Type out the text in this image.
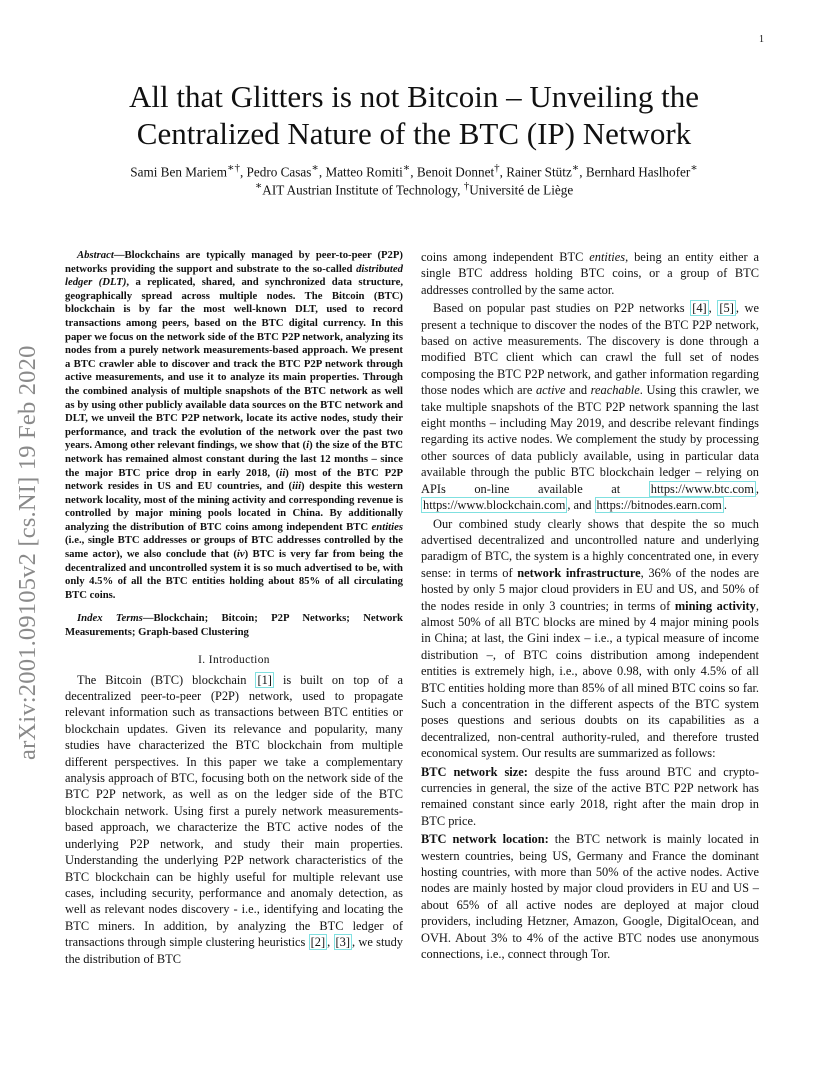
1
arXiv:2001.09105v2 [cs.NI] 19 Feb 2020
All that Glitters is not Bitcoin – Unveiling the
Centralized Nature of the BTC (IP) Network
Sami Ben Mariem∗†, Pedro Casas∗, Matteo Romiti∗, Benoit Donnet†, Rainer Stütz∗, Bernhard Haslhofer∗
∗AIT Austrian Institute of Technology, †Université de Liège

Abstract—Blockchains are typically managed by peer-to-peer (P2P) networks providing the support and substrate to the so-called distributed ledger (DLT), a replicated, shared, and synchronized data structure, geographically spread across multiple nodes. The Bitcoin (BTC) blockchain is by far the most well-known DLT, used to record transactions among peers, based on the BTC digital currency. In this paper we focus on the network side of the BTC P2P network, analyzing its nodes from a purely network measurements-based approach. We present a BTC crawler able to discover and track the BTC P2P network through active measurements, and use it to analyze its main properties. Through the combined analysis of multiple snapshots of the BTC network as well as by using other publicly available data sources on the BTC network and DLT, we unveil the BTC P2P network, locate its active nodes, study their performance, and track the evolution of the network over the past two years. Among other relevant findings, we show that (i) the size of the BTC network has remained almost constant during the last 12 months – since the major BTC price drop in early 2018, (ii) most of the BTC P2P network resides in US and EU countries, and (iii) despite this western network locality, most of the mining activity and corresponding revenue is controlled by major mining pools located in China. By additionally analyzing the distribution of BTC coins among independent BTC entities (i.e., single BTC addresses or groups of BTC addresses controlled by the same actor), we also conclude that (iv) BTC is very far from being the decentralized and uncontrolled system it is so much advertised to be, with only 4.5% of all the BTC entities holding about 85% of all circulating BTC coins.

Index Terms—Blockchain; Bitcoin; P2P Networks; Network Measurements; Graph-based Clustering

I. Introduction

The Bitcoin (BTC) blockchain [1] is built on top of a decentralized peer-to-peer (P2P) network, used to propagate relevant information such as transactions between BTC entities or blockchain updates. Given its relevance and popularity, many studies have characterized the BTC blockchain from multiple different perspectives. In this paper we take a complementary analysis approach of BTC, focusing both on the network side of the BTC P2P network, as well as on the ledger side of the BTC blockchain network. Using first a purely network measurements-based approach, we characterize the BTC active nodes of the underlying P2P network, and study their main properties. Understanding the underlying P2P network characteristics of the BTC blockchain can be highly useful for multiple relevant use cases, including security, performance and anomaly detection, as well as relevant nodes discovery - i.e., identifying and locating the BTC miners. In addition, by analyzing the BTC ledger of transactions through simple clustering heuristics [2] , [3] , we study the distribution of BTC

coins among independent BTC entities, being an entity either a single BTC address holding BTC coins, or a group of BTC addresses controlled by the same actor.

Based on popular past studies on P2P networks [4] , [5] , we present a technique to discover the nodes of the BTC P2P network, based on active measurements. The discovery is done through a modified BTC client which can crawl the full set of nodes composing the BTC P2P network, and gather information regarding those nodes which are active and reachable. Using this crawler, we take multiple snapshots of the BTC P2P network spanning the last eight months – including May 2019, and describe relevant findings regarding its active nodes. We complement the study by processing other sources of data publicly available, using in particular data available through the public BTC blockchain ledger – relying on APIs on-line available at https://www.btc.com , https://www.blockchain.com , and https://bitnodes.earn.com .

Our combined study clearly shows that despite the so much advertised decentralized and uncontrolled nature and underlying paradigm of BTC, the system is a highly concentrated one, in every sense: in terms of network infrastructure, 36% of the nodes are hosted by only 5 major cloud providers in EU and US, and 50% of the nodes reside in only 3 countries; in terms of mining activity, almost 50% of all BTC blocks are mined by 4 major mining pools in China; at last, the Gini index – i.e., a typical measure of income distribution –, of BTC coins distribution among independent entities is extremely high, i.e., above 0.98, with only 4.5% of all BTC entities holding more than 85% of all mined BTC coins so far. Such a concentration in the different aspects of the BTC system poses questions and serious doubts on its capabilities as a decentralized, non-central authority-ruled, and therefore trusted economical system. Our results are summarized as follows:

BTC network size: despite the fuss around BTC and crypto-currencies in general, the size of the active BTC P2P network has remained constant since early 2018, right after the main drop in BTC price.

BTC network location: the BTC network is mainly located in western countries, being US, Germany and France the dominant hosting countries, with more than 50% of the active nodes. Active nodes are mainly hosted by major cloud providers in EU and US – about 65% of all active nodes are deployed at major cloud providers, including Hetzner, Amazon, Google, DigitalOcean, and OVH. About 3% to 4% of the active BTC nodes use anonymous connections, i.e., connect through Tor.
